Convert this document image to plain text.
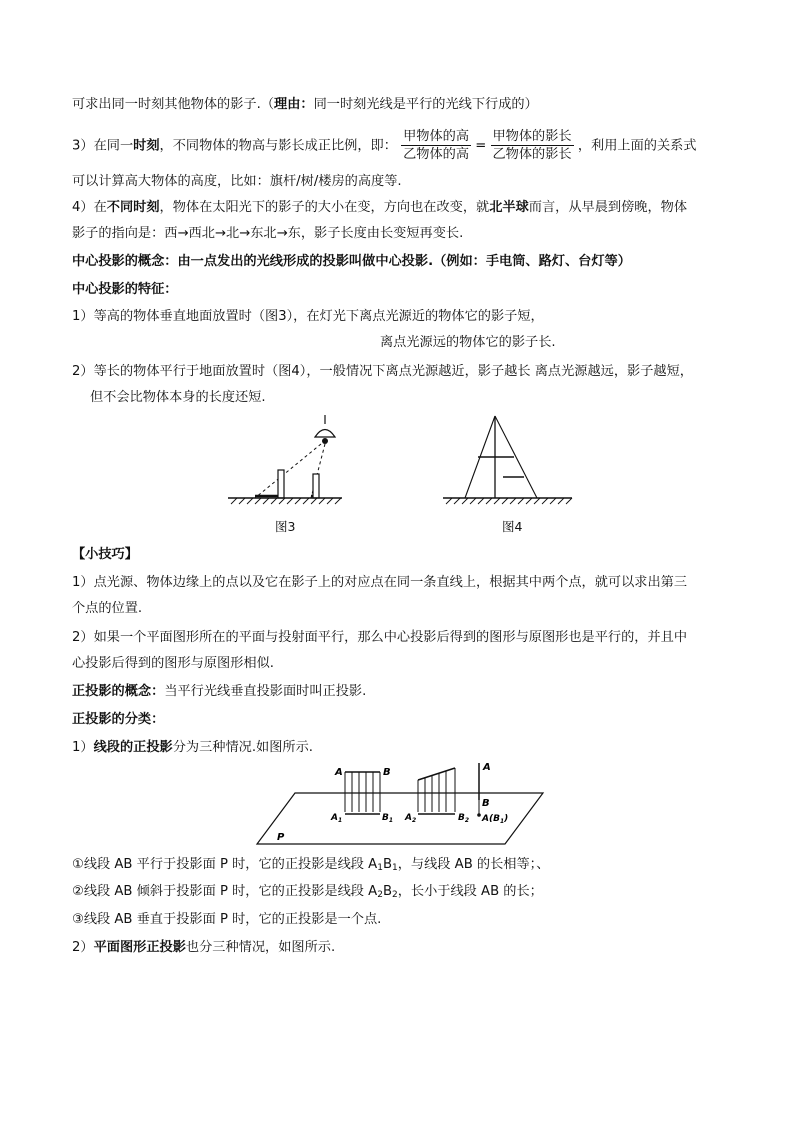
可求出同一时刻其他物体的影子.（理由：同一时刻光线是平行的光线下行成的）
3）在同一时刻，不同物体的物高与影长成正比例，即： $\frac{\text{甲物体的高}}{\text{乙物体的高}} = \frac{\text{甲物体的影长}}{\text{乙物体的影长}}$ ，利用上面的关系式
可以计算高大物体的高度，比如：旗杆/树/楼房的高度等.
4）在不同时刻，物体在太阳光下的影子的大小在变，方向也在改变，就北半球而言，从早晨到傍晚，物体
影子的指向是：西→西北→北→东北→东，影子长度由长变短再变长.
中心投影的概念：由一点发出的光线形成的投影叫做中心投影.（例如：手电筒、路灯、台灯等）
中心投影的特征：
1）等高的物体垂直地面放置时（图3），在灯光下离点光源近的物体它的影子短，
离点光源远的物体它的影子长.
2）等长的物体平行于地面放置时（图4），一般情况下离点光源越近，影子越长 离点光源越远，影子越短，
但不会比物体本身的长度还短.
图3	图4
【小技巧】
1）点光源、物体边缘上的点以及它在影子上的对应点在同一条直线上，根据其中两个点，就可以求出第三
个点的位置.
2）如果一个平面图形所在的平面与投射面平行，那么中心投影后得到的图形与原图形也是平行的，并且中
心投影后得到的图形与原图形相似.
正投影的概念：当平行光线垂直投影面时叫正投影.
正投影的分类：
1）线段的正投影分为三种情况.如图所示.
P
A	B
$A_1$	$B_1$ $A_2$	$B_2$
A
B
$A(B_1)$
①线段 AB 平行于投影面 P 时，它的正投影是线段 $A_1B_1$，与线段 AB 的长相等；、
②线段 AB 倾斜于投影面 P 时，它的正投影是线段 $A_2B_2$，长小于线段 AB 的长；
③线段 AB 垂直于投影面 P 时，它的正投影是一个点.
2）平面图形正投影也分三种情况，如图所示.
